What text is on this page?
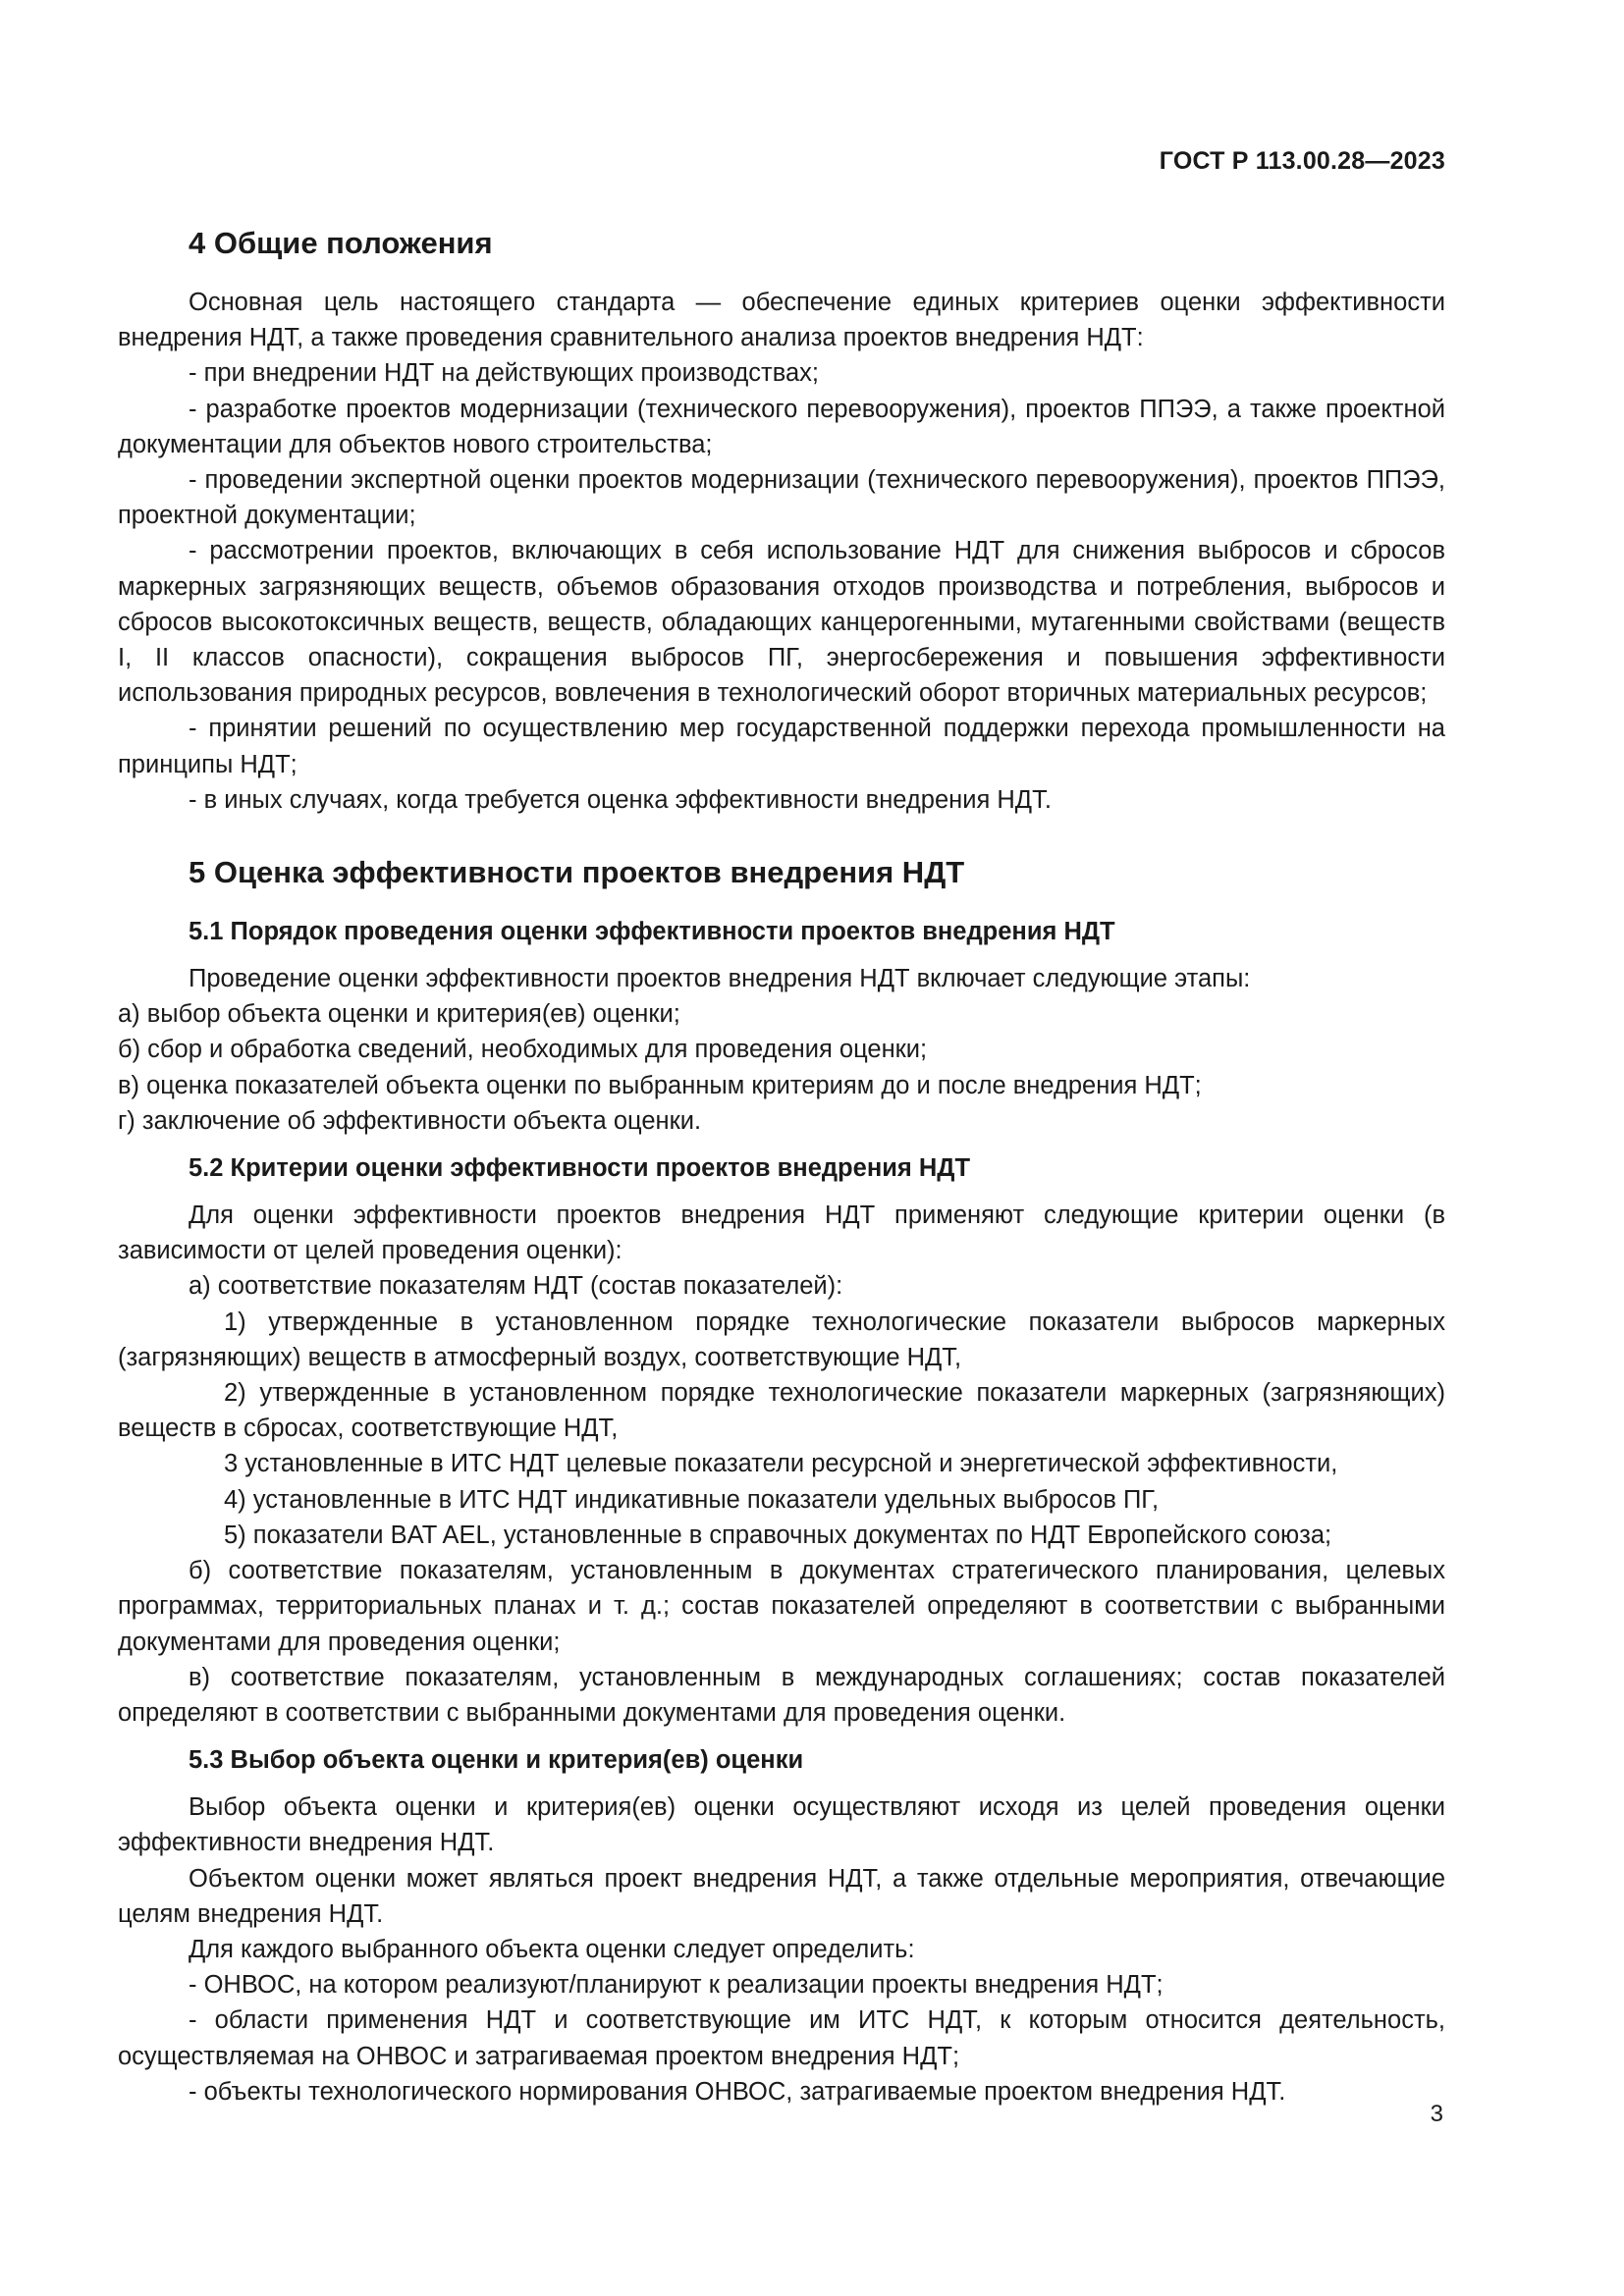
ГОСТ Р 113.00.28—2023
4 Общие положения

Основная цель настоящего стандарта — обеспечение единых критериев оценки эффективности внедрения НДТ, а также проведения сравнительного анализа проектов внедрения НДТ:

- при внедрении НДТ на действующих производствах;

- разработке проектов модернизации (технического перевооружения), проектов ППЭЭ, а также проектной документации для объектов нового строительства;

- проведении экспертной оценки проектов модернизации (технического перевооружения), проектов ППЭЭ, проектной документации;

- рассмотрении проектов, включающих в себя использование НДТ для снижения выбросов и сбросов маркерных загрязняющих веществ, объемов образования отходов производства и потребления, выбросов и сбросов высокотоксичных веществ, веществ, обладающих канцерогенными, мутагенными свойствами (веществ I, II классов опасности), сокращения выбросов ПГ, энергосбережения и повышения эффективности использования природных ресурсов, вовлечения в технологический оборот вторичных материальных ресурсов;

- принятии решений по осуществлению мер государственной поддержки перехода промышленности на принципы НДТ;

- в иных случаях, когда требуется оценка эффективности внедрения НДТ.

5 Оценка эффективности проектов внедрения НДТ
5.1 Порядок проведения оценки эффективности проектов внедрения НДТ

Проведение оценки эффективности проектов внедрения НДТ включает следующие этапы:

а) выбор объекта оценки и критерия(ев) оценки;

б) сбор и обработка сведений, необходимых для проведения оценки;

в) оценка показателей объекта оценки по выбранным критериям до и после внедрения НДТ;

г) заключение об эффективности объекта оценки.

5.2 Критерии оценки эффективности проектов внедрения НДТ

Для оценки эффективности проектов внедрения НДТ применяют следующие критерии оценки (в зависимости от целей проведения оценки):

а) соответствие показателям НДТ (состав показателей):

1) утвержденные в установленном порядке технологические показатели выбросов маркерных (загрязняющих) веществ в атмосферный воздух, соответствующие НДТ,

2) утвержденные в установленном порядке технологические показатели маркерных (загрязняющих) веществ в сбросах, соответствующие НДТ,

3 установленные в ИТС НДТ целевые показатели ресурсной и энергетической эффективности,

4) установленные в ИТС НДТ индикативные показатели удельных выбросов ПГ,

5) показатели BAT AEL, установленные в справочных документах по НДТ Европейского союза;

б) соответствие показателям, установленным в документах стратегического планирования, целевых программах, территориальных планах и т. д.; состав показателей определяют в соответствии с выбранными документами для проведения оценки;

в) соответствие показателям, установленным в международных соглашениях; состав показателей определяют в соответствии с выбранными документами для проведения оценки.

5.3 Выбор объекта оценки и критерия(ев) оценки

Выбор объекта оценки и критерия(ев) оценки осуществляют исходя из целей проведения оценки эффективности внедрения НДТ.

Объектом оценки может являться проект внедрения НДТ, а также отдельные мероприятия, отвечающие целям внедрения НДТ.

Для каждого выбранного объекта оценки следует определить:

- ОНВОС, на котором реализуют/планируют к реализации проекты внедрения НДТ;

- области применения НДТ и соответствующие им ИТС НДТ, к которым относится деятельность, осуществляемая на ОНВОС и затрагиваемая проектом внедрения НДТ;

- объекты технологического нормирования ОНВОС, затрагиваемые проектом внедрения НДТ.

3
